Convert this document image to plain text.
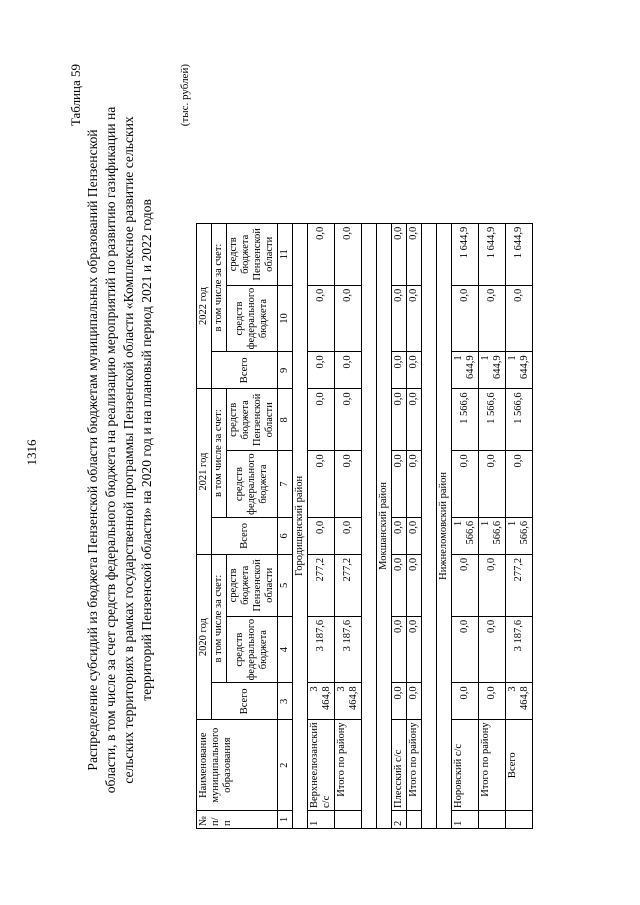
1316
Таблица 59
Распределение субсидий из бюджета Пензенской области бюджетам муниципальных образований Пензенской области, в том числе за счет средств федерального бюджета на реализацию мероприятий по развитию газификации на сельских территориях в рамках государственной программы Пензенской области «Комплексное развитие сельских территорий Пензенской области» на 2020 год и на плановый период 2021 и 2022 годов
(тыс. рублей)
№ п/п	Наименование муниципального образования	2020 год			2021 год			2022 год		
		Всего	в том числе за счет:		Всего	в том числе за счет:		Всего	в том числе за счет:	
			средств федерального бюджета	средств бюджета Пензенской области		средств федерального бюджета	средств бюджета Пензенской области		средств федерального бюджета	средств бюджета Пензенской области
1	2	3	4	5	6	7	8	9	10	11
Городищенский район										
1	Верхнеелюзанский с/с	3 464,8	3 187,6	277,2	0,0	0,0	0,0	0,0	0,0	0,0
	Итого по району	3 464,8	3 187,6	277,2	0,0	0,0	0,0	0,0	0,0	0,0

Мокшанский район										
2	Плесский с/с	0,0	0,0	0,0	0,0	0,0	0,0	0,0	0,0	0,0
	Итого по району	0,0	0,0	0,0	0,0	0,0	0,0	0,0	0,0	0,0

Нижнеломовский район										
1	Норовский с/с	0,0	0,0	0,0	1 566,6	0,0	1 566,6	1 644,9	0,0	1 644,9
	Итого по району	0,0	0,0	0,0	1 566,6	0,0	1 566,6	1 644,9	0,0	1 644,9
	Всего	3 464,8	3 187,6	277,2	1 566,6	0,0	1 566,6	1 644,9	0,0	1 644,9
